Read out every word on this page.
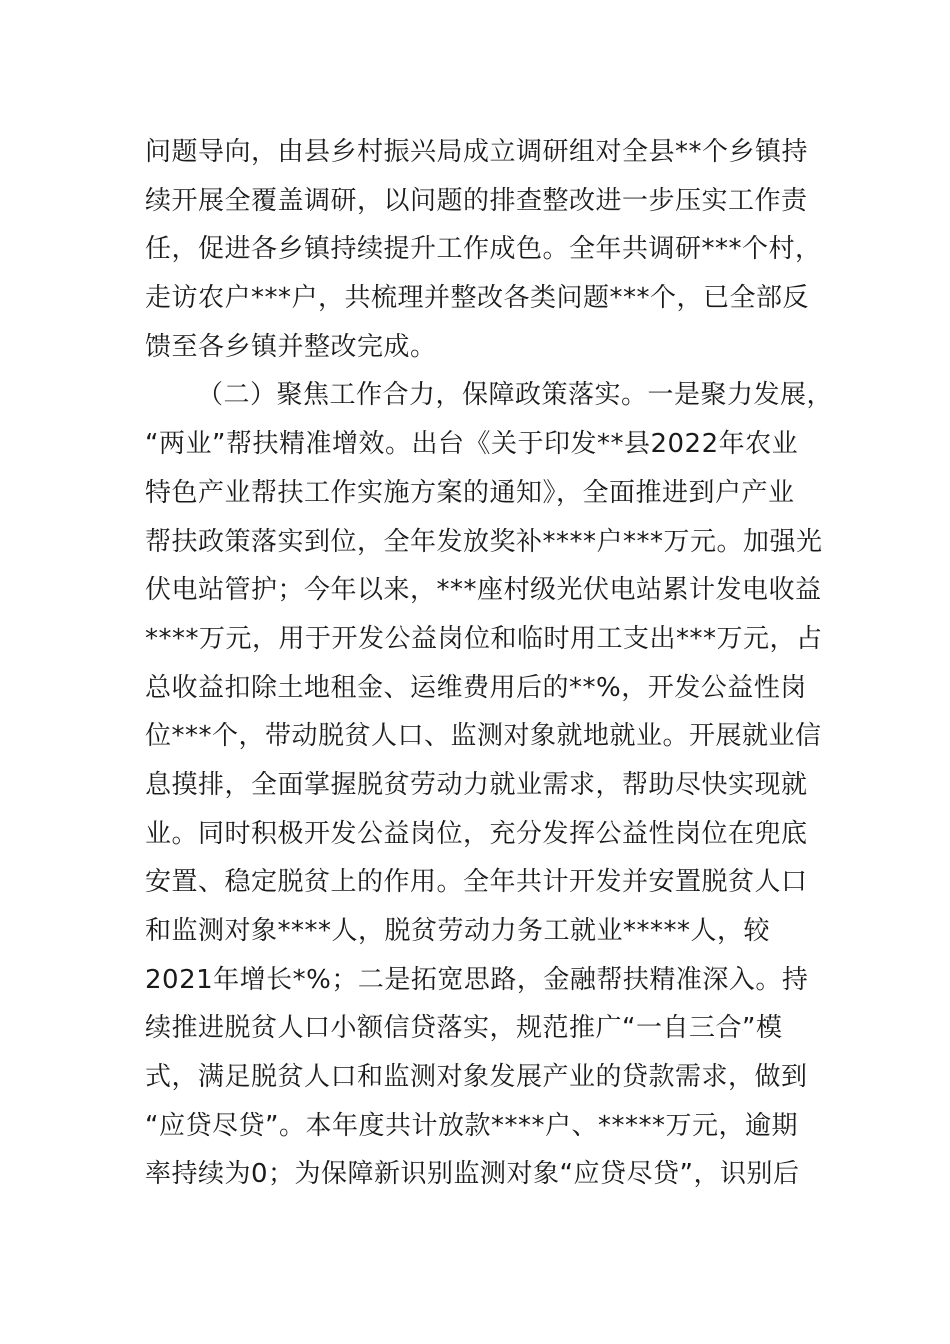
问题导向，由县乡村振兴局成立调研组对全县**个乡镇持
续开展全覆盖调研，以问题的排查整改进一步压实工作责
任，促进各乡镇持续提升工作成色。全年共调研***个村，
走访农户***户，共梳理并整改各类问题***个，已全部反
馈至各乡镇并整改完成。
（二）聚焦工作合力，保障政策落实。一是聚力发展，
“两业”帮扶精准增效。出台《关于印发**县2022年农业
特色产业帮扶工作实施方案的通知》，全面推进到户产业
帮扶政策落实到位，全年发放奖补****户***万元。加强光
伏电站管护；今年以来，***座村级光伏电站累计发电收益
****万元，用于开发公益岗位和临时用工支出***万元，占
总收益扣除土地租金、运维费用后的**%，开发公益性岗
位***个，带动脱贫人口、监测对象就地就业。开展就业信
息摸排，全面掌握脱贫劳动力就业需求，帮助尽快实现就
业。同时积极开发公益岗位，充分发挥公益性岗位在兜底
安置、稳定脱贫上的作用。全年共计开发并安置脱贫人口
和监测对象****人，脱贫劳动力务工就业*****人，较
2021年增长*%；二是拓宽思路，金融帮扶精准深入。持
续推进脱贫人口小额信贷落实，规范推广“一自三合”模
式，满足脱贫人口和监测对象发展产业的贷款需求，做到
“应贷尽贷”。本年度共计放款****户、*****万元，逾期
率持续为0；为保障新识别监测对象“应贷尽贷”，识别后
